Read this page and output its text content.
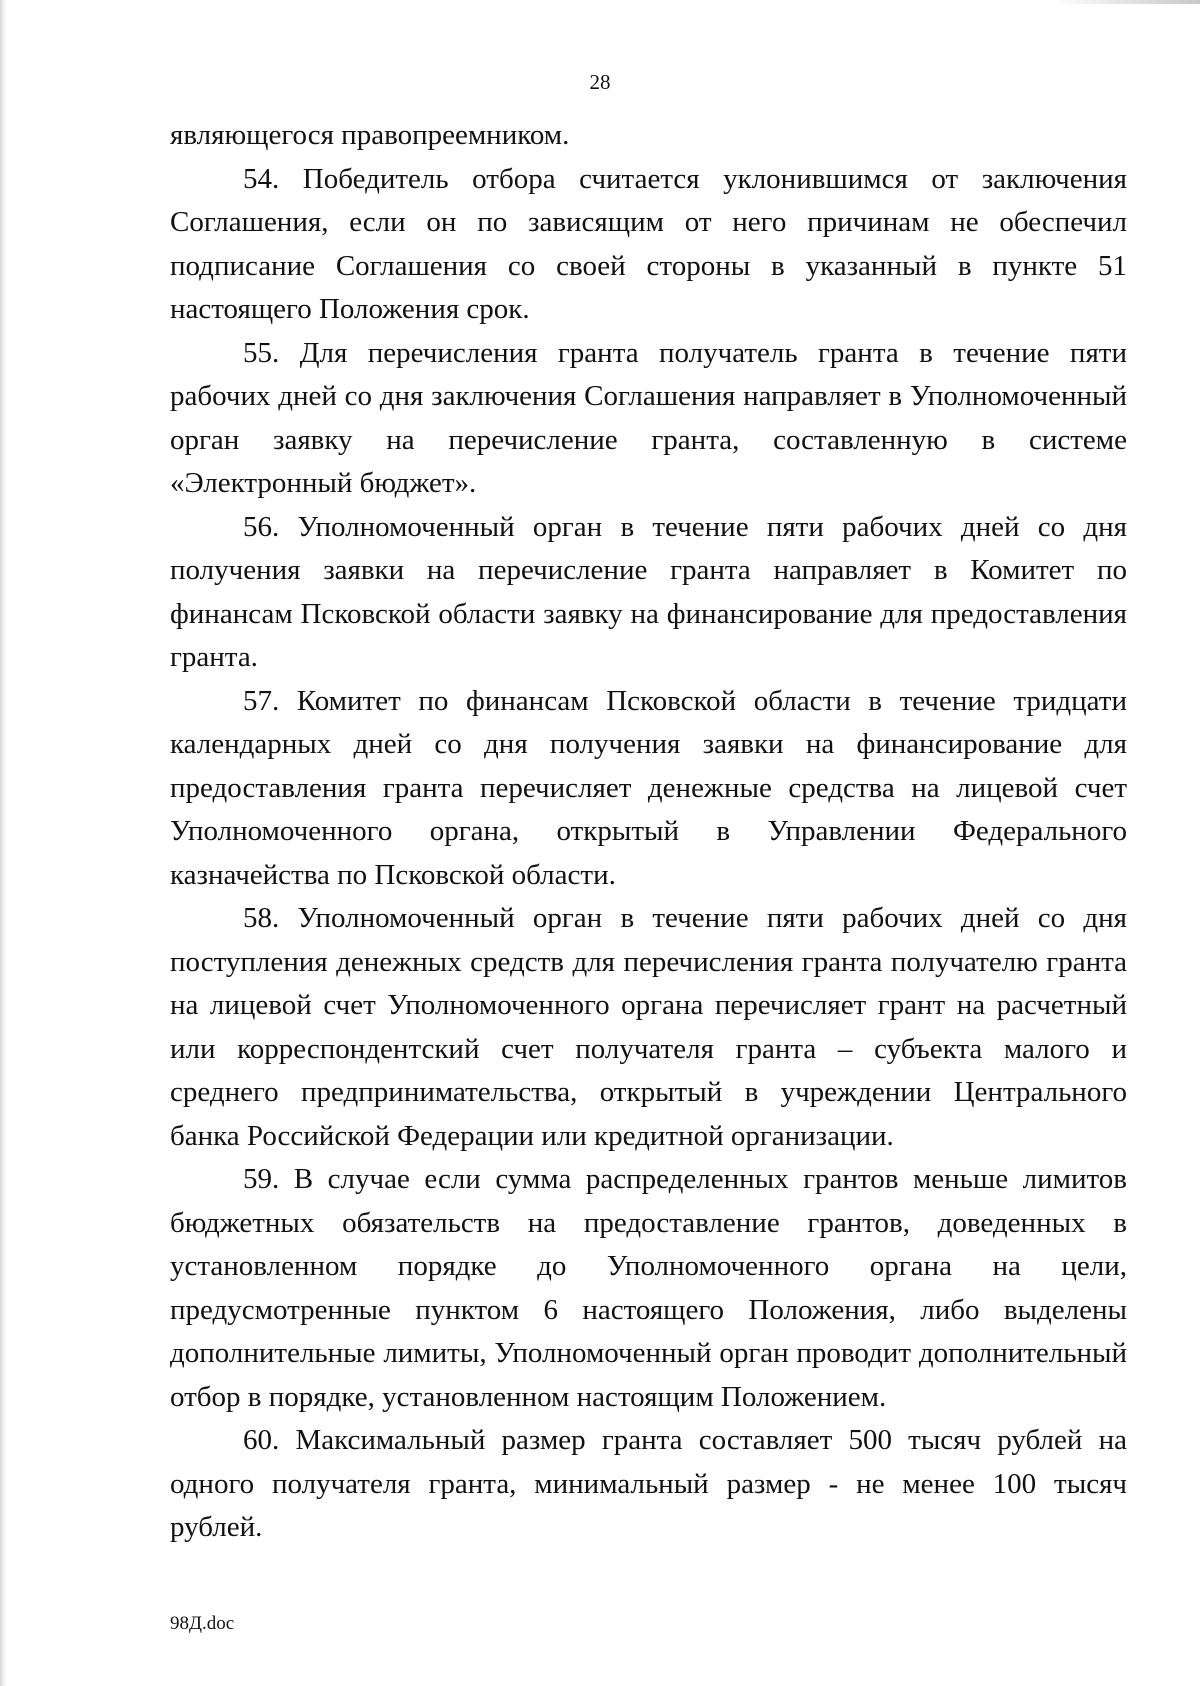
28

являющегося правопреемником.

54. Победитель отбора считается уклонившимся от заключения Соглашения, если он по зависящим от него причинам не обеспечил подписание Соглашения со своей стороны в указанный в пункте 51 настоящего Положения срок.

55. Для перечисления гранта получатель гранта в течение пяти рабочих дней со дня заключения Соглашения направляет в Уполномоченный орган заявку на перечисление гранта, составленную в системе «Электронный бюджет».

56. Уполномоченный орган в течение пяти рабочих дней со дня получения заявки на перечисление гранта направляет в Комитет по финансам Псковской области заявку на финансирование для предоставления гранта.

57. Комитет по финансам Псковской области в течение тридцати календарных дней со дня получения заявки на финансирование для предоставления гранта перечисляет денежные средства на лицевой счет Уполномоченного органа, открытый в Управлении Федерального казначейства по Псковской области.

58. Уполномоченный орган в течение пяти рабочих дней со дня поступления денежных средств для перечисления гранта получателю гранта на лицевой счет Уполномоченного органа перечисляет грант на расчетный или корреспондентский счет получателя гранта – субъекта малого и среднего предпринимательства, открытый в учреждении Центрального банка Российской Федерации или кредитной организации.

59. В случае если сумма распределенных грантов меньше лимитов бюджетных обязательств на предоставление грантов, доведенных в установленном порядке до Уполномоченного органа на цели, предусмотренные пунктом 6 настоящего Положения, либо выделены дополнительные лимиты, Уполномоченный орган проводит дополнительный отбор в порядке, установленном настоящим Положением.

60. Максимальный размер гранта составляет 500 тысяч рублей на одного получателя гранта, минимальный размер - не менее 100 тысяч рублей.

98Д.doc
